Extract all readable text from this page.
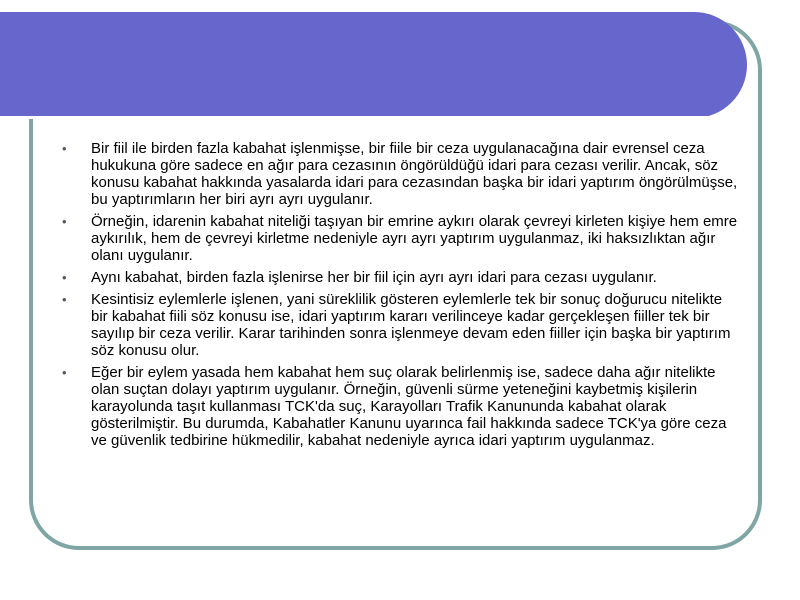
•	Bir fiil ile birden fazla kabahat işlenmişse, bir fiile bir ceza uygulanacağına dair evrensel ceza hukukuna göre sadece en ağır para cezasının öngörüldüğü idari para cezası verilir. Ancak, söz konusu kabahat hakkında yasalarda idari para cezasından başka bir idari yaptırım öngörülmüşse, bu yaptırımların her biri ayrı ayrı uygulanır.
•	Örneğin, idarenin kabahat niteliği taşıyan bir emrine aykırı olarak çevreyi kirleten kişiye hem emre aykırılık, hem de çevreyi kirletme nedeniyle ayrı ayrı yaptırım uygulanmaz, iki haksızlıktan ağır olanı uygulanır.
•	Aynı kabahat, birden fazla işlenirse her bir fiil için ayrı ayrı idari para cezası uygulanır.
•	Kesintisiz eylemlerle işlenen, yani süreklilik gösteren eylemlerle tek bir sonuç doğurucu nitelikte bir kabahat fiili söz konusu ise, idari yaptırım kararı verilinceye kadar gerçekleşen fiiller tek bir sayılıp bir ceza verilir. Karar tarihinden sonra işlenmeye devam eden fiiller için başka bir yaptırım söz konusu olur.
•	Eğer bir eylem yasada hem kabahat hem suç olarak belirlenmiş ise, sadece daha ağır nitelikte olan suçtan dolayı yaptırım uygulanır. Örneğin, güvenli sürme yeteneğini kaybetmiş kişilerin karayolunda taşıt kullanması TCK'da suç, Karayolları Trafik Kanununda kabahat olarak gösterilmiştir. Bu durumda, Kabahatler Kanunu uyarınca fail hakkında sadece TCK'ya göre ceza ve güvenlik tedbirine hükmedilir, kabahat nedeniyle ayrıca idari yaptırım uygulanmaz.
